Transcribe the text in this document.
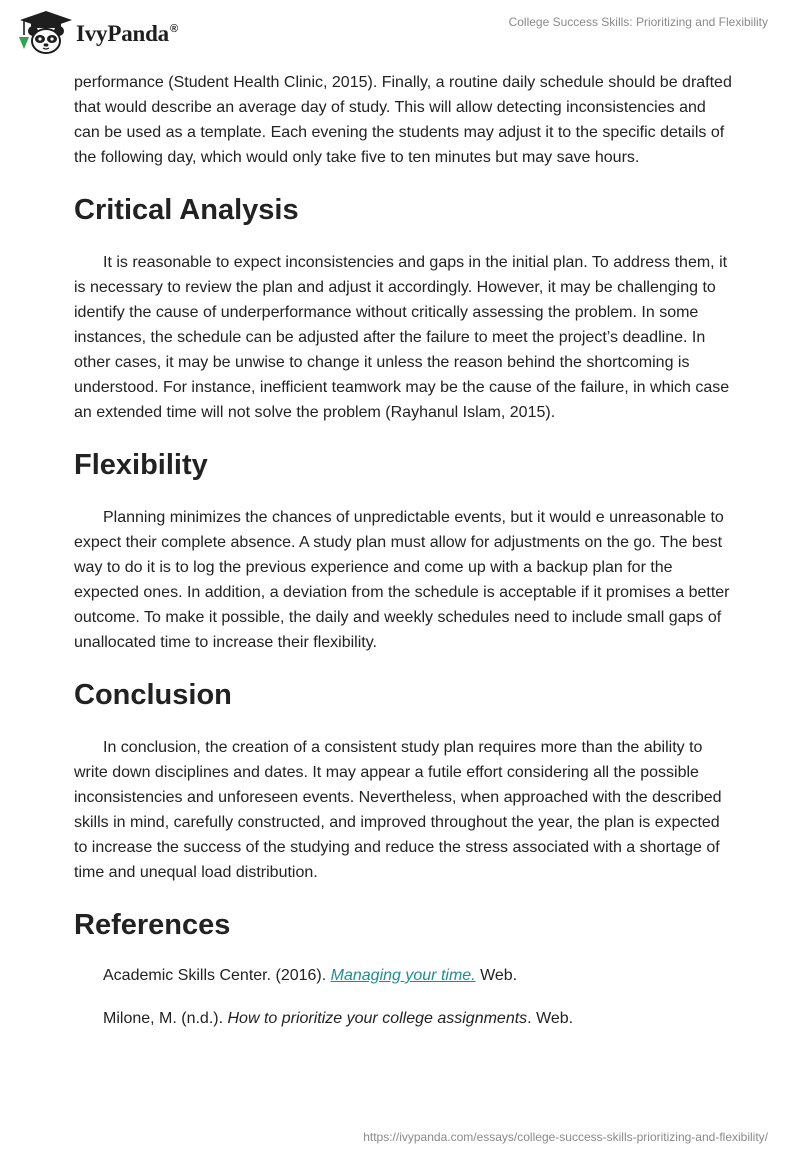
IvyPanda®
College Success Skills: Prioritizing and Flexibility

performance (Student Health Clinic, 2015). Finally, a routine daily schedule should be drafted that would describe an average day of study. This will allow detecting inconsistencies and can be used as a template. Each evening the students may adjust it to the specific details of the following day, which would only take five to ten minutes but may save hours.

Critical Analysis

It is reasonable to expect inconsistencies and gaps in the initial plan. To address them, it is necessary to review the plan and adjust it accordingly. However, it may be challenging to identify the cause of underperformance without critically assessing the problem. In some instances, the schedule can be adjusted after the failure to meet the project’s deadline. In other cases, it may be unwise to change it unless the reason behind the shortcoming is understood. For instance, inefficient teamwork may be the cause of the failure, in which case an extended time will not solve the problem (Rayhanul Islam, 2015).

Flexibility

Planning minimizes the chances of unpredictable events, but it would e unreasonable to expect their complete absence. A study plan must allow for adjustments on the go. The best way to do it is to log the previous experience and come up with a backup plan for the expected ones. In addition, a deviation from the schedule is acceptable if it promises a better outcome. To make it possible, the daily and weekly schedules need to include small gaps of unallocated time to increase their flexibility.

Conclusion

In conclusion, the creation of a consistent study plan requires more than the ability to write down disciplines and dates. It may appear a futile effort considering all the possible inconsistencies and unforeseen events. Nevertheless, when approached with the described skills in mind, carefully constructed, and improved throughout the year, the plan is expected to increase the success of the studying and reduce the stress associated with a shortage of time and unequal load distribution.

References
Academic Skills Center. (2016). Managing your time. Web.
Milone, M. (n.d.). How to prioritize your college assignments. Web.
https://ivypanda.com/essays/college-success-skills-prioritizing-and-flexibility/
